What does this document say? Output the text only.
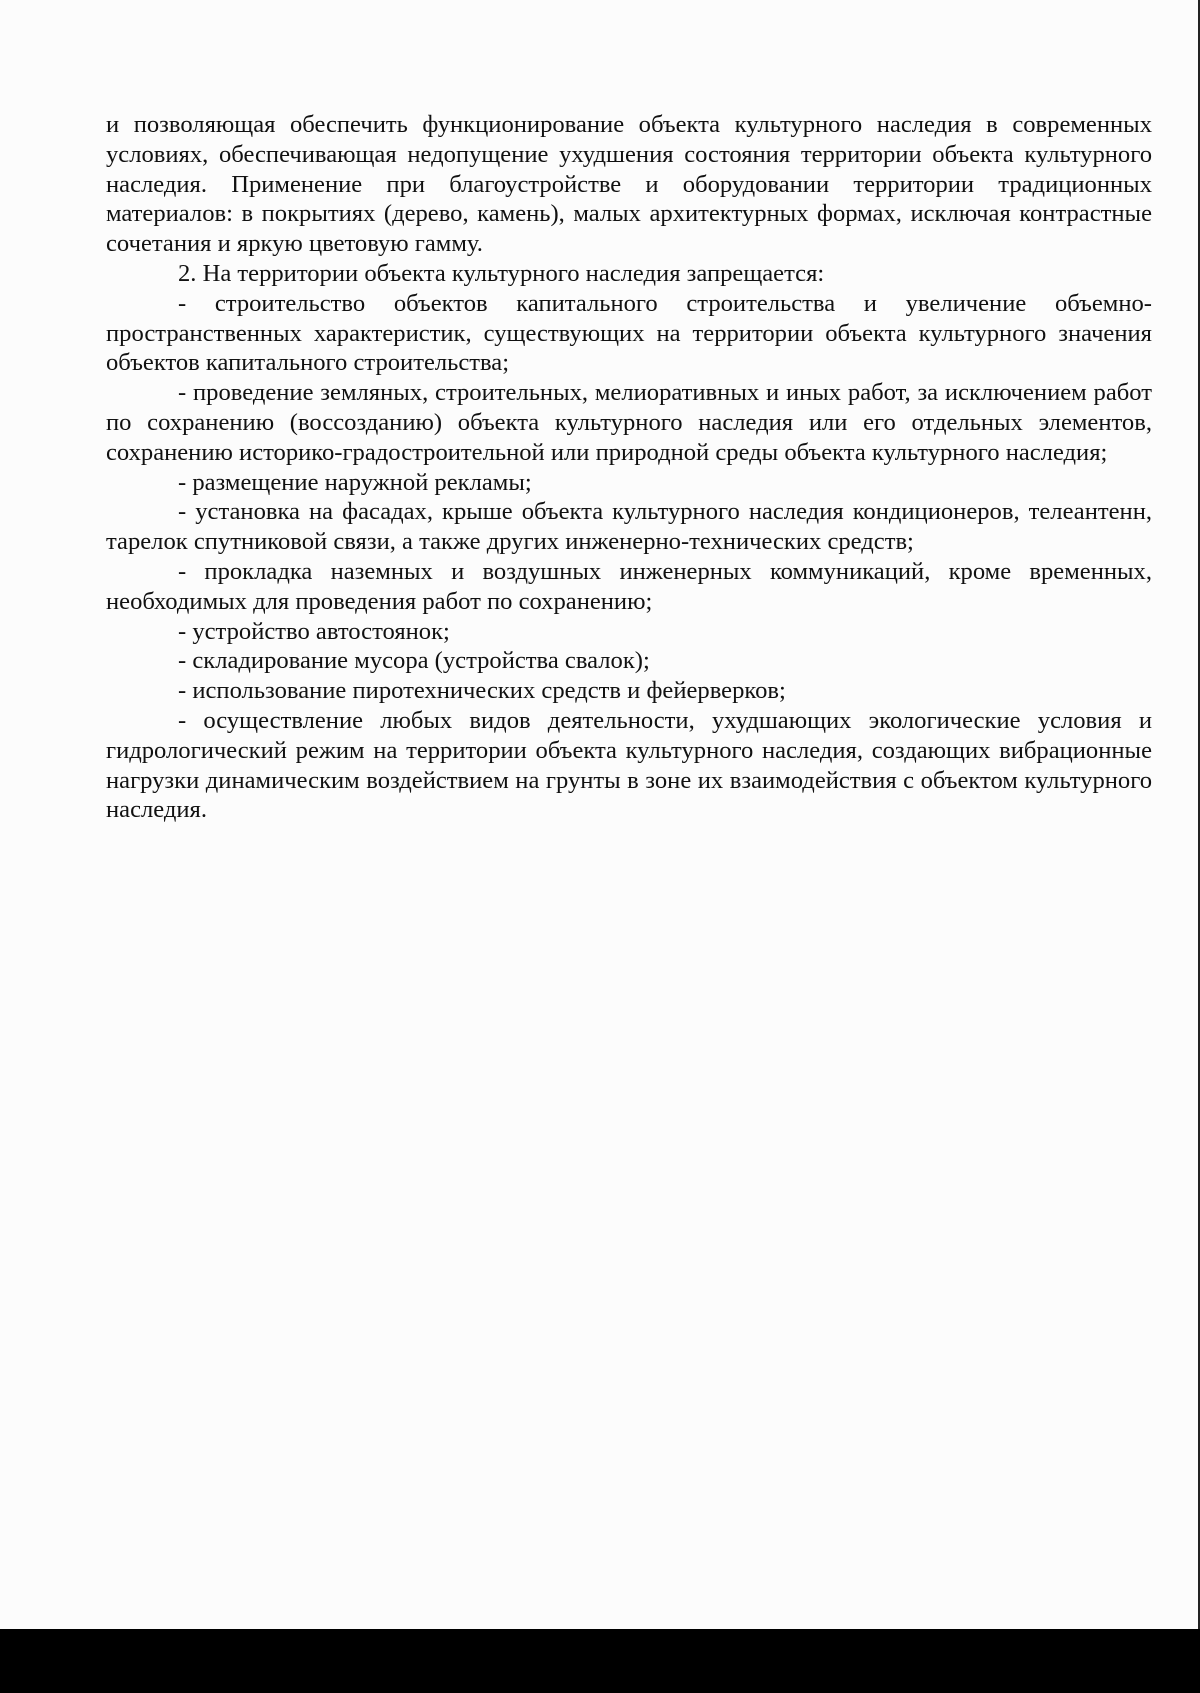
и позволяющая обеспечить функционирование объекта культурного наследия в современных условиях, обеспечивающая недопущение ухудшения состояния территории объекта культурного наследия. Применение при благоустройстве и оборудовании территории традиционных материалов: в покрытиях (дерево, камень), малых архитектурных формах, исключая контрастные сочетания и яркую цветовую гамму.

2. На территории объекта культурного наследия запрещается:

- строительство объектов капитального строительства и увеличение объемно-пространственных характеристик, существующих на территории объекта культурного значения объектов капитального строительства;

- проведение земляных, строительных, мелиоративных и иных работ, за исключением работ по сохранению (воссозданию) объекта культурного наследия или его отдельных элементов, сохранению историко-градостроительной или природной среды объекта культурного наследия;

- размещение наружной рекламы;

- установка на фасадах, крыше объекта культурного наследия кондиционеров, телеантенн, тарелок спутниковой связи, а также других инженерно-технических средств;

- прокладка наземных и воздушных инженерных коммуникаций, кроме временных, необходимых для проведения работ по сохранению;

- устройство автостоянок;

- складирование мусора (устройства свалок);

- использование пиротехнических средств и фейерверков;

- осуществление любых видов деятельности, ухудшающих экологические условия и гидрологический режим на территории объекта культурного наследия, создающих вибрационные нагрузки динамическим воздействием на грунты в зоне их взаимодействия с объектом культурного наследия.
